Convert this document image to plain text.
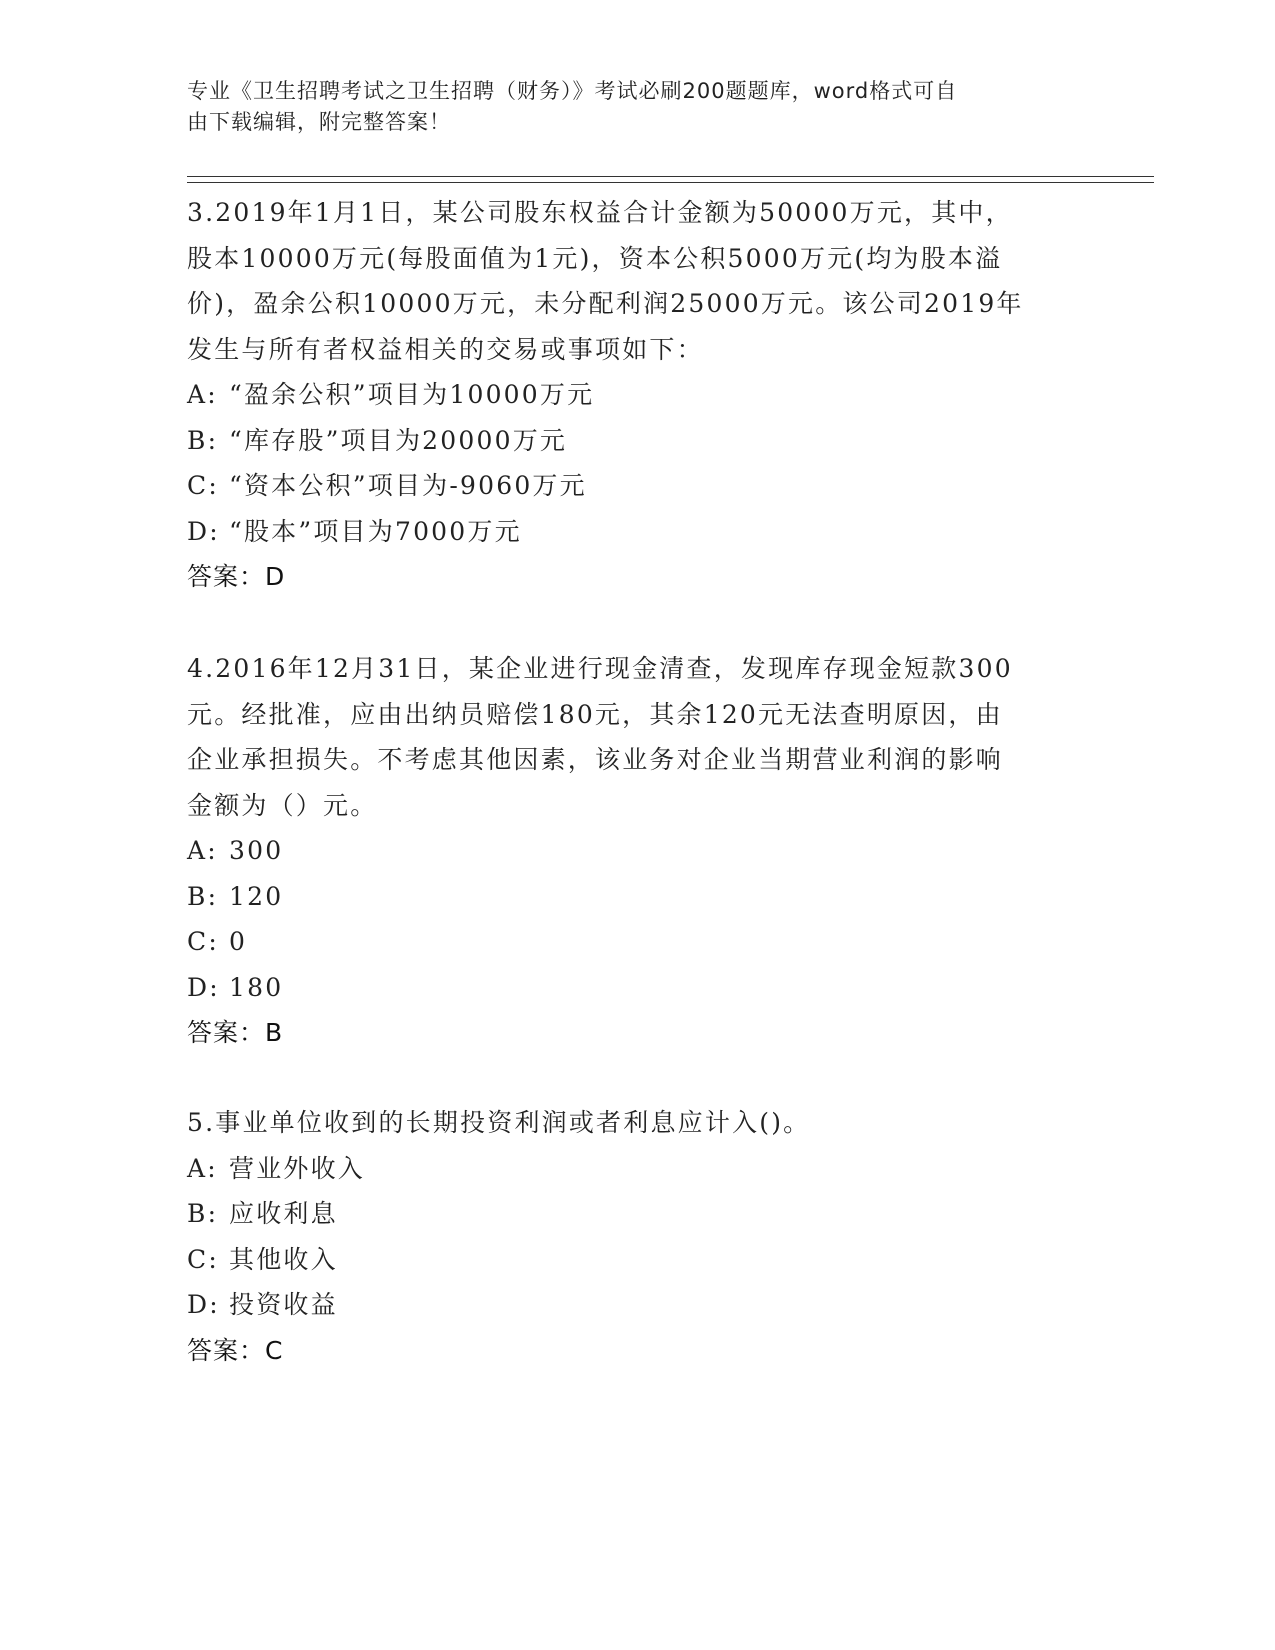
专业《卫生招聘考试之卫生招聘（财务）》考试必刷200题题库，word格式可自
由下载编辑，附完整答案！

3.2019年1月1日，某公司股东权益合计金额为50000万元，其中，

股本10000万元(每股面值为1元)，资本公积5000万元(均为股本溢

价)，盈余公积10000万元，未分配利润25000万元。该公司2019年

发生与所有者权益相关的交易或事项如下：

A: “盈余公积”项目为10000万元

B: “库存股”项目为20000万元

C: “资本公积”项目为-9060万元

D: “股本”项目为7000万元

答案：D

4.2016年12月31日，某企业进行现金清查，发现库存现金短款300

元。经批准，应由出纳员赔偿180元，其余120元无法查明原因，由

企业承担损失。不考虑其他因素，该业务对企业当期营业利润的影响

金额为（）元。

A: 300

B: 120

C: 0

D: 180

答案：B

5.事业单位收到的长期投资利润或者利息应计入()。

A: 营业外收入

B: 应收利息

C: 其他收入

D: 投资收益

答案：C
